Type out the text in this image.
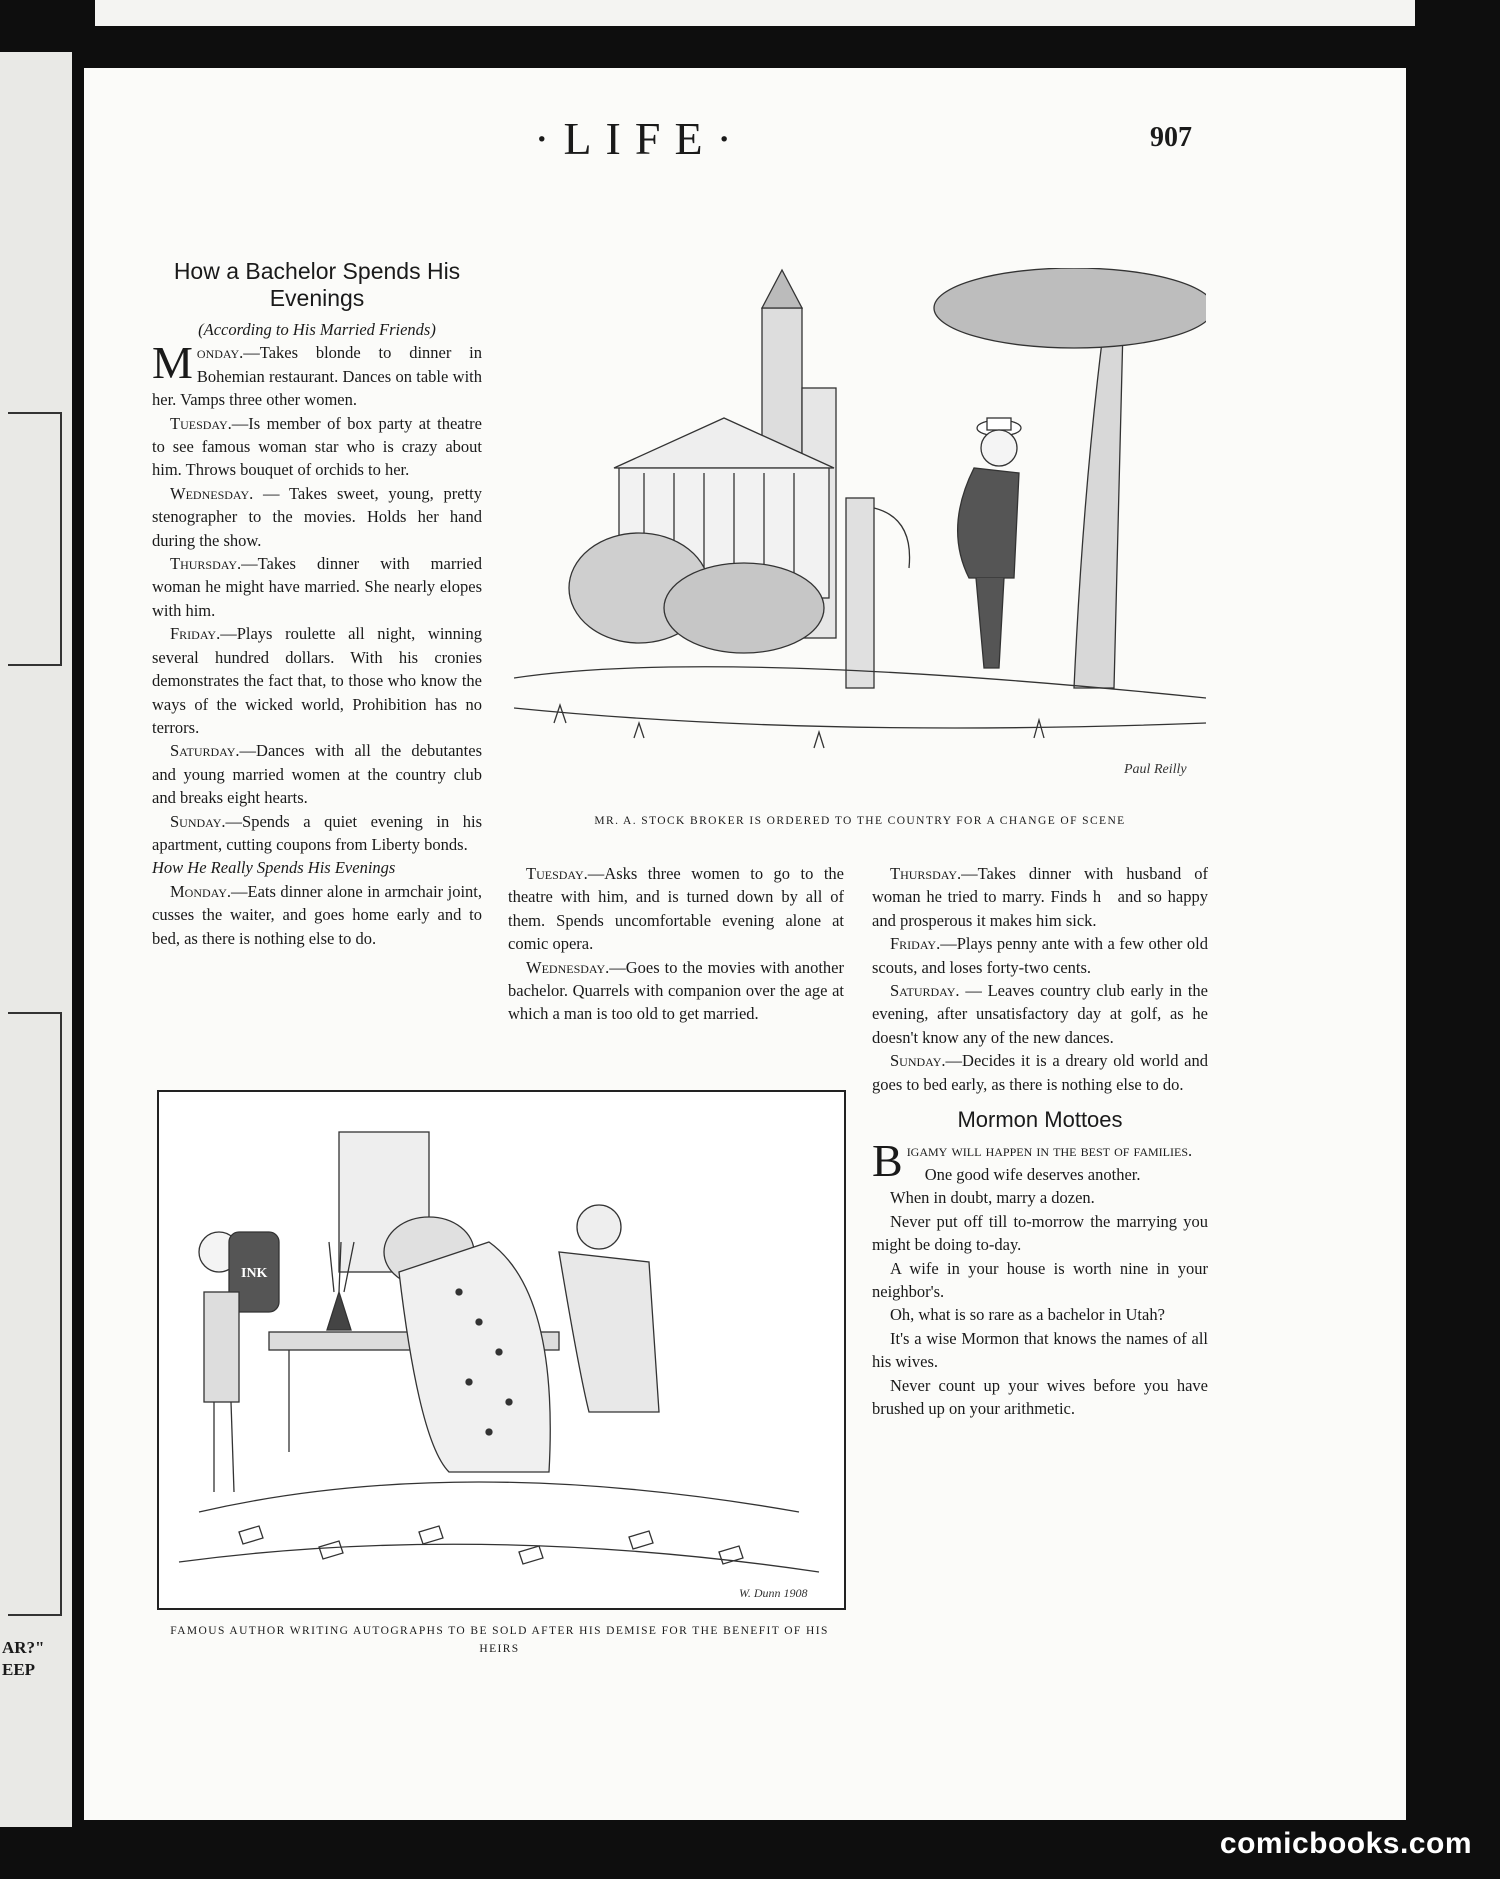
AR?"
EEP
·LIFE·	907
How a Bachelor Spends His Evenings

(According to His Married Friends)

Monday.—Takes blonde to dinner in Bohemian restaurant. Dances on table with her. Vamps three other women.

Tuesday.—Is member of box party at theatre to see famous woman star who is crazy about him. Throws bouquet of orchids to her.

Wednesday. — Takes sweet, young, pretty stenographer to the movies. Holds her hand during the show.

Thursday.—Takes dinner with married woman he might have married. She nearly elopes with him.

Friday.—Plays roulette all night, winning several hundred dollars. With his cronies demonstrates the fact that, to those who know the ways of the wicked world, Prohibition has no terrors.

Saturday.—Dances with all the debutantes and young married women at the country club and breaks eight hearts.

Sunday.—Spends a quiet evening in his apartment, cutting coupons from Liberty bonds.

How He Really Spends His Evenings

Monday.—Eats dinner alone in armchair joint, cusses the waiter, and goes home early and to bed, as there is nothing else to do.

Tuesday.—Asks three women to go to the theatre with him, and is turned down by all of them. Spends uncomfortable evening alone at comic opera.

Wednesday.—Goes to the movies with another bachelor. Quarrels with companion over the age at which a man is too old to get married.

Thursday.—Takes dinner with husband of woman he tried to marry. Finds h  and so happy and prosperous it makes him sick.

Friday.—Plays penny ante with a few other old scouts, and loses forty-two cents.

Saturday. — Leaves country club early in the evening, after unsatisfactory day at golf, as he doesn't know any of the new dances.

Sunday.—Decides it is a dreary old world and goes to bed early, as there is nothing else to do.

Mormon Mottoes

Bigamy will happen in the best of families.

One good wife deserves another.

When in doubt, marry a dozen.

Never put off till to-morrow the marrying you might be doing to-day.

A wife in your house is worth nine in your neighbor's.

Oh, what is so rare as a bachelor in Utah?

It's a wise Mormon that knows the names of all his wives.

Never count up your wives before you have brushed up on your arithmetic.

Paul Reilly
MR. A. STOCK BROKER IS ORDERED TO THE COUNTRY FOR A CHANGE OF SCENE
INK
W. Dunn 1908
FAMOUS AUTHOR WRITING AUTOGRAPHS TO BE SOLD AFTER HIS DEMISE FOR THE BENEFIT OF HIS HEIRS
comicbooks.com
